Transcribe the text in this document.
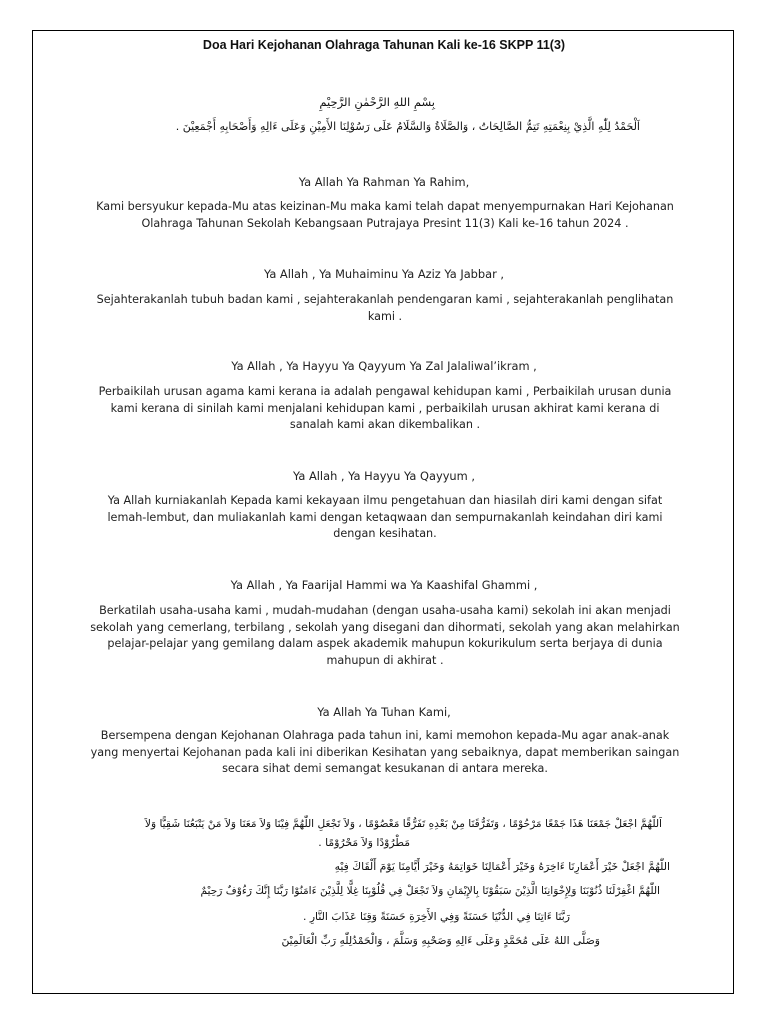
Doa Hari Kejohanan Olahraga Tahunan Kali ke-16 SKPP 11(3)
بِسْمِ اللهِ الرَّحْمٰنِ الرَّحِيْمِ
اَلْحَمْدُ لِلّٰهِ الَّذِيْ بِنِعْمَتِهِ تَتِمُّ الصَّالِحَاتُ ، وَالصَّلَاةُ وَالسَّلَامُ عَلَى رَسُوْلِنَا الأَمِيْنِ وَعَلَى ءَالِهِ وَأَصْحَابِهِ أَجْمَعِيْنَ .
Ya Allah Ya Rahman Ya Rahim,
Kami bersyukur kepada-Mu atas keizinan-Mu maka kami telah dapat menyempurnakan Hari Kejohanan Olahraga Tahunan Sekolah Kebangsaan Putrajaya Presint 11(3) Kali ke-16 tahun 2024 .
Ya Allah , Ya Muhaiminu Ya Aziz Ya Jabbar ,
Sejahterakanlah tubuh badan kami , sejahterakanlah pendengaran kami , sejahterakanlah penglihatan kami .
Ya Allah , Ya Hayyu Ya Qayyum Ya Zal Jalaliwal’ikram ,
Perbaikilah urusan agama kami kerana ia adalah pengawal kehidupan kami , Perbaikilah urusan dunia kami kerana di sinilah kami menjalani kehidupan kami , perbaikilah urusan akhirat kami kerana di sanalah kami akan dikembalikan .
Ya Allah , Ya Hayyu Ya Qayyum ,
Ya Allah kurniakanlah Kepada kami kekayaan ilmu pengetahuan dan hiasilah diri kami dengan sifat lemah-lembut, dan muliakanlah kami dengan ketaqwaan dan sempurnakanlah keindahan diri kami dengan kesihatan.
Ya Allah , Ya Faarijal Hammi wa Ya Kaashifal Ghammi ,
Berkatilah usaha-usaha kami , mudah-mudahan (dengan usaha-usaha kami) sekolah ini akan menjadi sekolah yang cemerlang, terbilang , sekolah yang disegani dan dihormati, sekolah yang akan melahirkan pelajar-pelajar yang gemilang dalam aspek akademik mahupun kokurikulum serta berjaya di dunia mahupun di akhirat .
Ya Allah Ya Tuhan Kami,
Bersempena dengan Kejohanan Olahraga pada tahun ini, kami memohon kepada-Mu agar anak-anak yang menyertai Kejohanan pada kali ini diberikan Kesihatan yang sebaiknya, dapat memberikan saingan secara sihat demi semangat kesukanan di antara mereka.
اَللّٰهُمَّ اجْعَلْ جَمْعَنَا هَذَا جَمْعًا مَرْحُوْمًا ، وَتَفَرُّقَنَا مِنْ بَعْدِهِ تَفَرُّقًا مَعْصُوْمًا ، وَلاَ تَجْعَلِ اللّٰهُمَّ فِيْنَا وَلاَ مَعَنَا وَلاَ مَنْ يَتْبَعُنَا شَقِيًّا وَلاَ
مَطْرُوْدًا وَلاَ مَحْرُوْمًا .
اللّٰهُمَّ اجْعَلْ خَيْرَ أَعْمَارِنَا ءَاخِرَهُ وَخَيْرَ أَعْمَالِنَا خَوَاتِمَهُ وَخَيْرَ أَيَّامِنَا يَوْمَ أَلْقَاكَ فِيْهِ
اللّٰهُمَّ اغْفِرْلَنَا ذُنُوْبَنَا وَلِإِخْوَانِنَا الَّذِيْنَ سَبَقُوْنَا بِالإِيْمَانِ وَلاَ تَجْعَلْ فِي قُلُوْبِنَا غِلًّا لِلَّذِيْنَ ءَامَنُوْا رَبَّنَا إِنَّكَ رَءُوْفٌ رَحِيْمٌ
رَبَّنَا ءَاتِنَا فِي الدُّنْيَا حَسَنَةً وَفِي الأَخِرَةِ حَسَنَةً وَقِنَا عَذَابَ النَّارِ .
وَصَلَّى اللهُ عَلَى مُحَمَّدٍ وَعَلَى ءَالِهِ وَصَحْبِهِ وَسَلَّمَ ، وَالْحَمْدُلِلّٰهِ رَبِّ الْعَالَمِيْنَ
